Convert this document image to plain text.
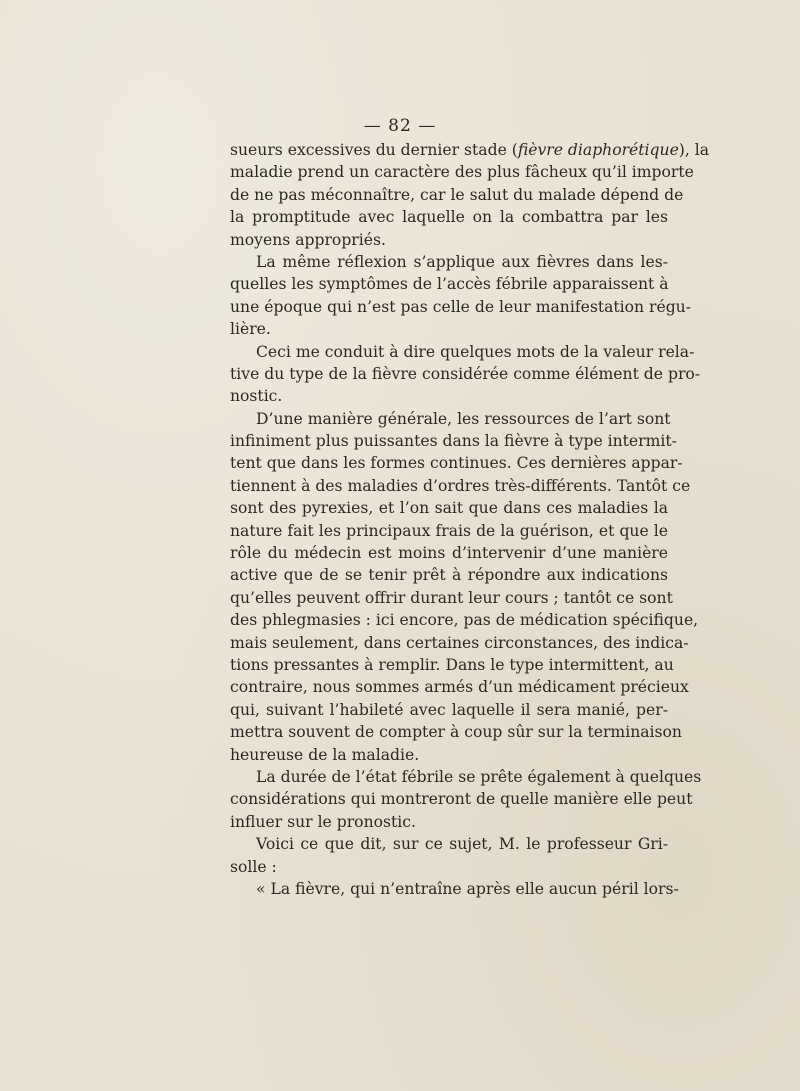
— 82 —
sueurs excessives du dernier stade (fièvre diaphorétique), la
maladie prend un caractère des plus fâcheux qu’il importe
de ne pas méconnaître, car le salut du malade dépend de
la promptitude avec laquelle on la combattra par les
moyens appropriés.
La même réflexion s’applique aux fièvres dans les-
quelles les symptômes de l’accès fébrile apparaissent à
une époque qui n’est pas celle de leur manifestation régu-
lière.
Ceci me conduit à dire quelques mots de la valeur rela-
tive du type de la fièvre considérée comme élément de pro-
nostic.
D’une manière générale, les ressources de l’art sont
infiniment plus puissantes dans la fièvre à type intermit-
tent que dans les formes continues. Ces dernières appar-
tiennent à des maladies d’ordres très-différents. Tantôt ce
sont des pyrexies, et l’on sait que dans ces maladies la
nature fait les principaux frais de la guérison, et que le
rôle du médecin est moins d’intervenir d’une manière
active que de se tenir prêt à répondre aux indications
qu’elles peuvent offrir durant leur cours ; tantôt ce sont
des phlegmasies : ici encore, pas de médication spécifique,
mais seulement, dans certaines circonstances, des indica-
tions pressantes à remplir. Dans le type intermittent, au
contraire, nous sommes armés d’un médicament précieux
qui, suivant l’habileté avec laquelle il sera manié, per-
mettra souvent de compter à coup sûr sur la terminaison
heureuse de la maladie.
La durée de l’état fébrile se prête également à quelques
considérations qui montreront de quelle manière elle peut
influer sur le pronostic.
Voici ce que dit, sur ce sujet, M. le professeur Gri-
solle :
« La fièvre, qui n’entraîne après elle aucun péril lors-
